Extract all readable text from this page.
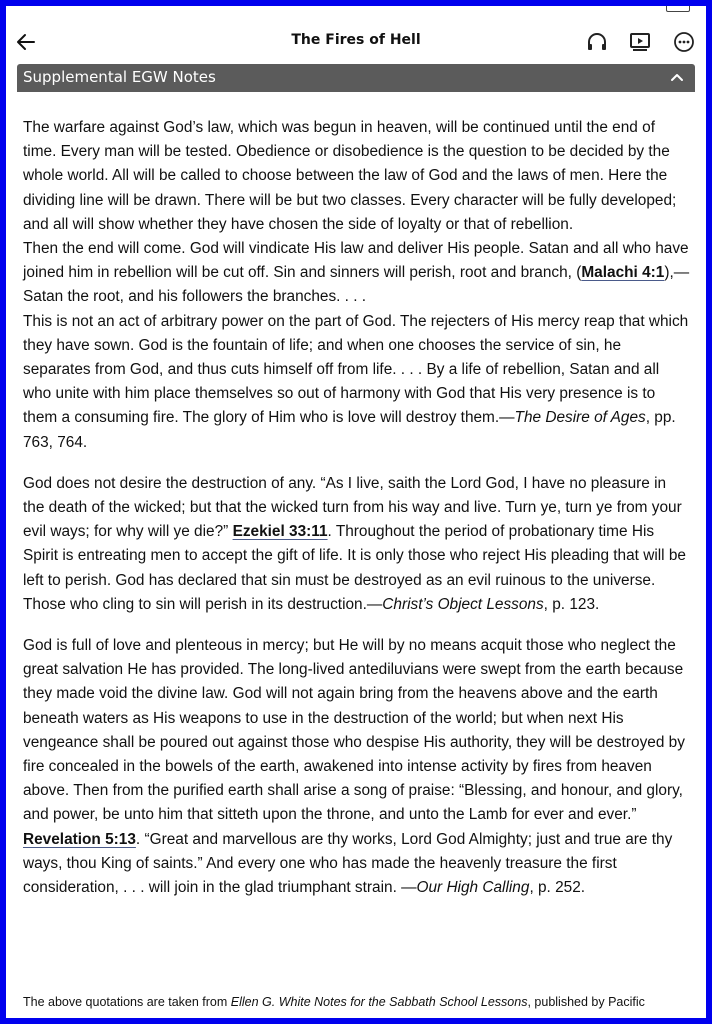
The Fires of Hell
Supplemental EGW Notes

The warfare against God’s law, which was begun in heaven, will be continued until the end of time. Every man will be tested. Obedience or disobedience is the question to be decided by the whole world. All will be called to choose between the law of God and the laws of men. Here the dividing line will be drawn. There will be but two classes. Every character will be fully developed; and all will show whether they have chosen the side of loyalty or that of rebellion.

Then the end will come. God will vindicate His law and deliver His people. Satan and all who have joined him in rebellion will be cut off. Sin and sinners will perish, root and branch, (Malachi 4:1),—Satan the root, and his followers the branches. . . .

This is not an act of arbitrary power on the part of God. The rejecters of His mercy reap that which they have sown. God is the fountain of life; and when one chooses the service of sin, he separates from God, and thus cuts himself off from life. . . . By a life of rebellion, Satan and all who unite with him place themselves so out of harmony with God that His very presence is to them a consuming fire. The glory of Him who is love will destroy them.—The Desire of Ages, pp. 763, 764.

God does not desire the destruction of any. “As I live, saith the Lord God, I have no pleasure in the death of the wicked; but that the wicked turn from his way and live. Turn ye, turn ye from your evil ways; for why will ye die?” Ezekiel 33:11. Throughout the period of probationary time His Spirit is entreating men to accept the gift of life. It is only those who reject His pleading that will be left to perish. God has declared that sin must be destroyed as an evil ruinous to the universe. Those who cling to sin will perish in its destruction.—Christ’s Object Lessons, p. 123.

God is full of love and plenteous in mercy; but He will by no means acquit those who neglect the great salvation He has provided. The long-lived antediluvians were swept from the earth because they made void the divine law. God will not again bring from the heavens above and the earth beneath waters as His weapons to use in the destruction of the world; but when next His vengeance shall be poured out against those who despise His authority, they will be destroyed by fire concealed in the bowels of the earth, awakened into intense activity by fires from heaven above. Then from the purified earth shall arise a song of praise: “Blessing, and honour, and glory, and power, be unto him that sitteth upon the throne, and unto the Lamb for ever and ever.” Revelation 5:13. “Great and marvellous are thy works, Lord God Almighty; just and true are thy ways, thou King of saints.” And every one who has made the heavenly treasure the first consideration, . . . will join in the glad triumphant strain. —Our High Calling, p. 252.

The above quotations are taken from Ellen G. White Notes for the Sabbath School Lessons, published by Pacific
